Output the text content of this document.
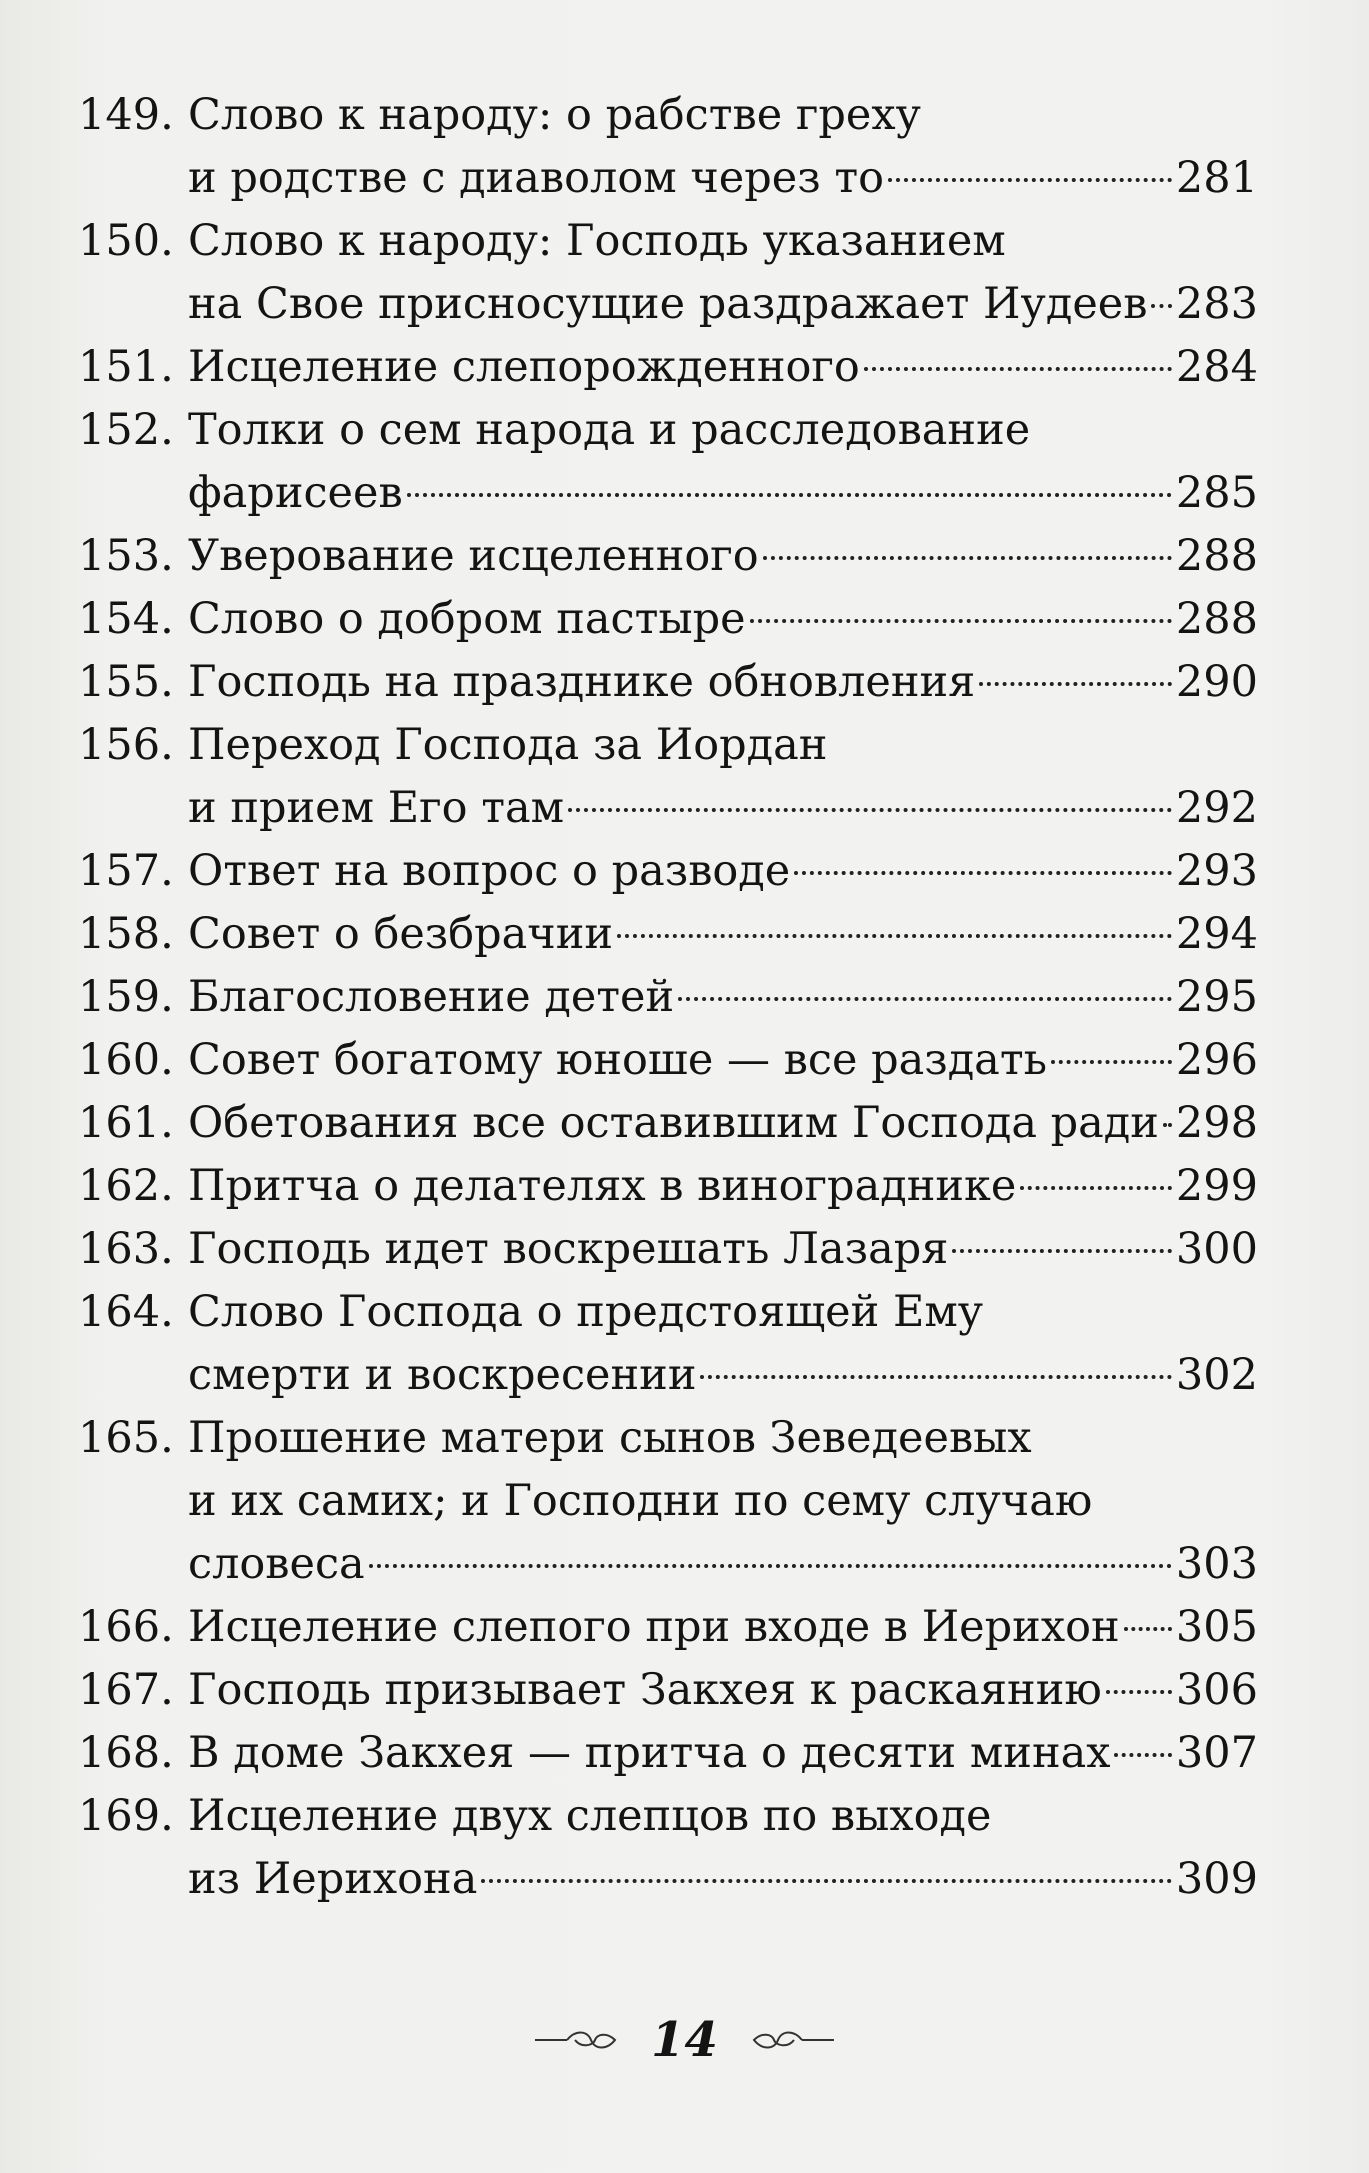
149. Слово к народу: о рабстве греху
и родстве с диаволом через то	281
150. Слово к народу: Господь указанием
на Свое присносущие раздражает Иудеев 283
151. Исцеление слепорожденного	284
152. Толки о сем народа и расследование
фарисеев	285
153. Уверование исцеленного	288
154. Слово о добром пастыре	288
155. Господь на празднике обновления	290
156. Переход Господа за Иордан
и прием Его там	292
157. Ответ на вопрос о разводе	293
158. Совет о безбрачии	294
159. Благословение детей	295
160. Совет богатому юноше — все раздать	296
161. Обетования все оставившим Господа ради 298
162. Притча о делателях в винограднике	299
163. Господь идет воскрешать Лазаря	300
164. Слово Господа о предстоящей Ему
смерти и воскресении	302
165. Прошение матери сынов Зеведеевых
и их самих; и Господни по сему случаю
словеса	303
166. Исцеление слепого при входе в Иерихон 305
167. Господь призывает Закхея к раскаянию 306
168. В доме Закхея — притча о десяти минах 307
169. Исцеление двух слепцов по выходе
из Иерихона	309
14
